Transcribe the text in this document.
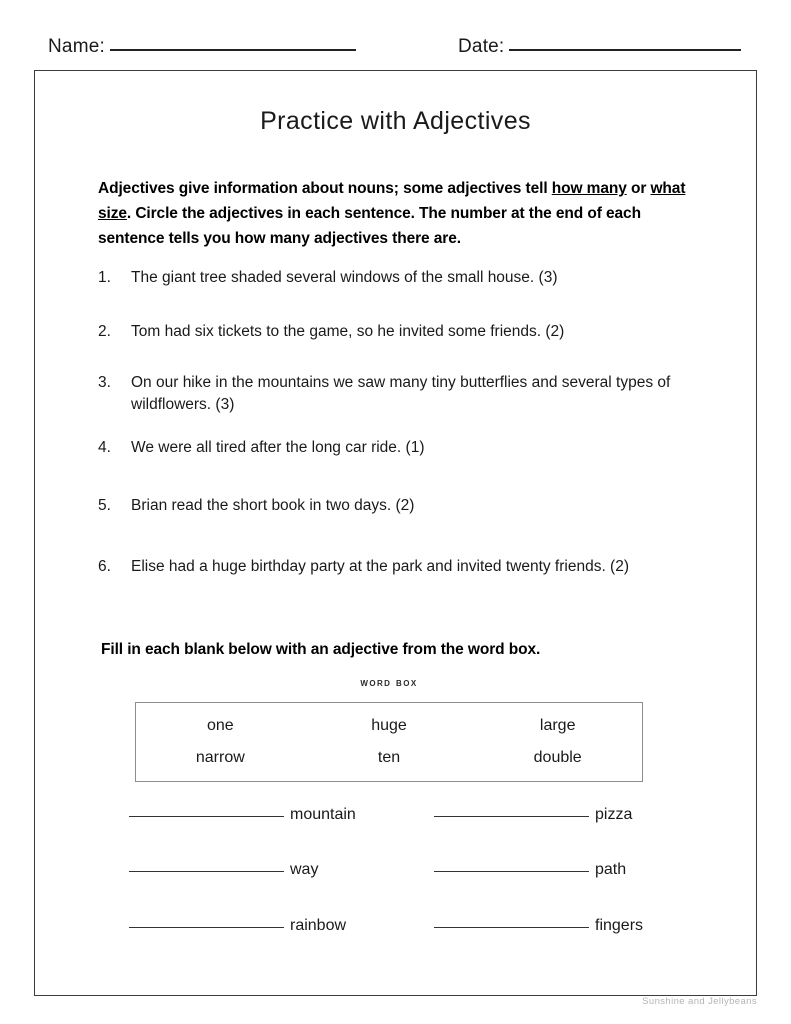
Name:	Date:
Practice with Adjectives
Adjectives give information about nouns; some adjectives tell how many or what size. Circle the adjectives in each sentence. The number at the end of each sentence tells you how many adjectives there are.
1.	The giant tree shaded several windows of the small house. (3)
2.	Tom had six tickets to the game, so he invited some friends. (2)
3.	On our hike in the mountains we saw many tiny butterflies and several types of wildflowers. (3)
4.	We were all tired after the long car ride. (1)
5.	Brian read the short book in two days. (2)
6.	Elise had a huge birthday party at the park and invited twenty friends. (2)
Fill in each blank below with an adjective from the word box.
word box
one	huge	large
narrow	ten	double
mountain	pizza
way	path
rainbow	fingers
Sunshine and Jellybeans
